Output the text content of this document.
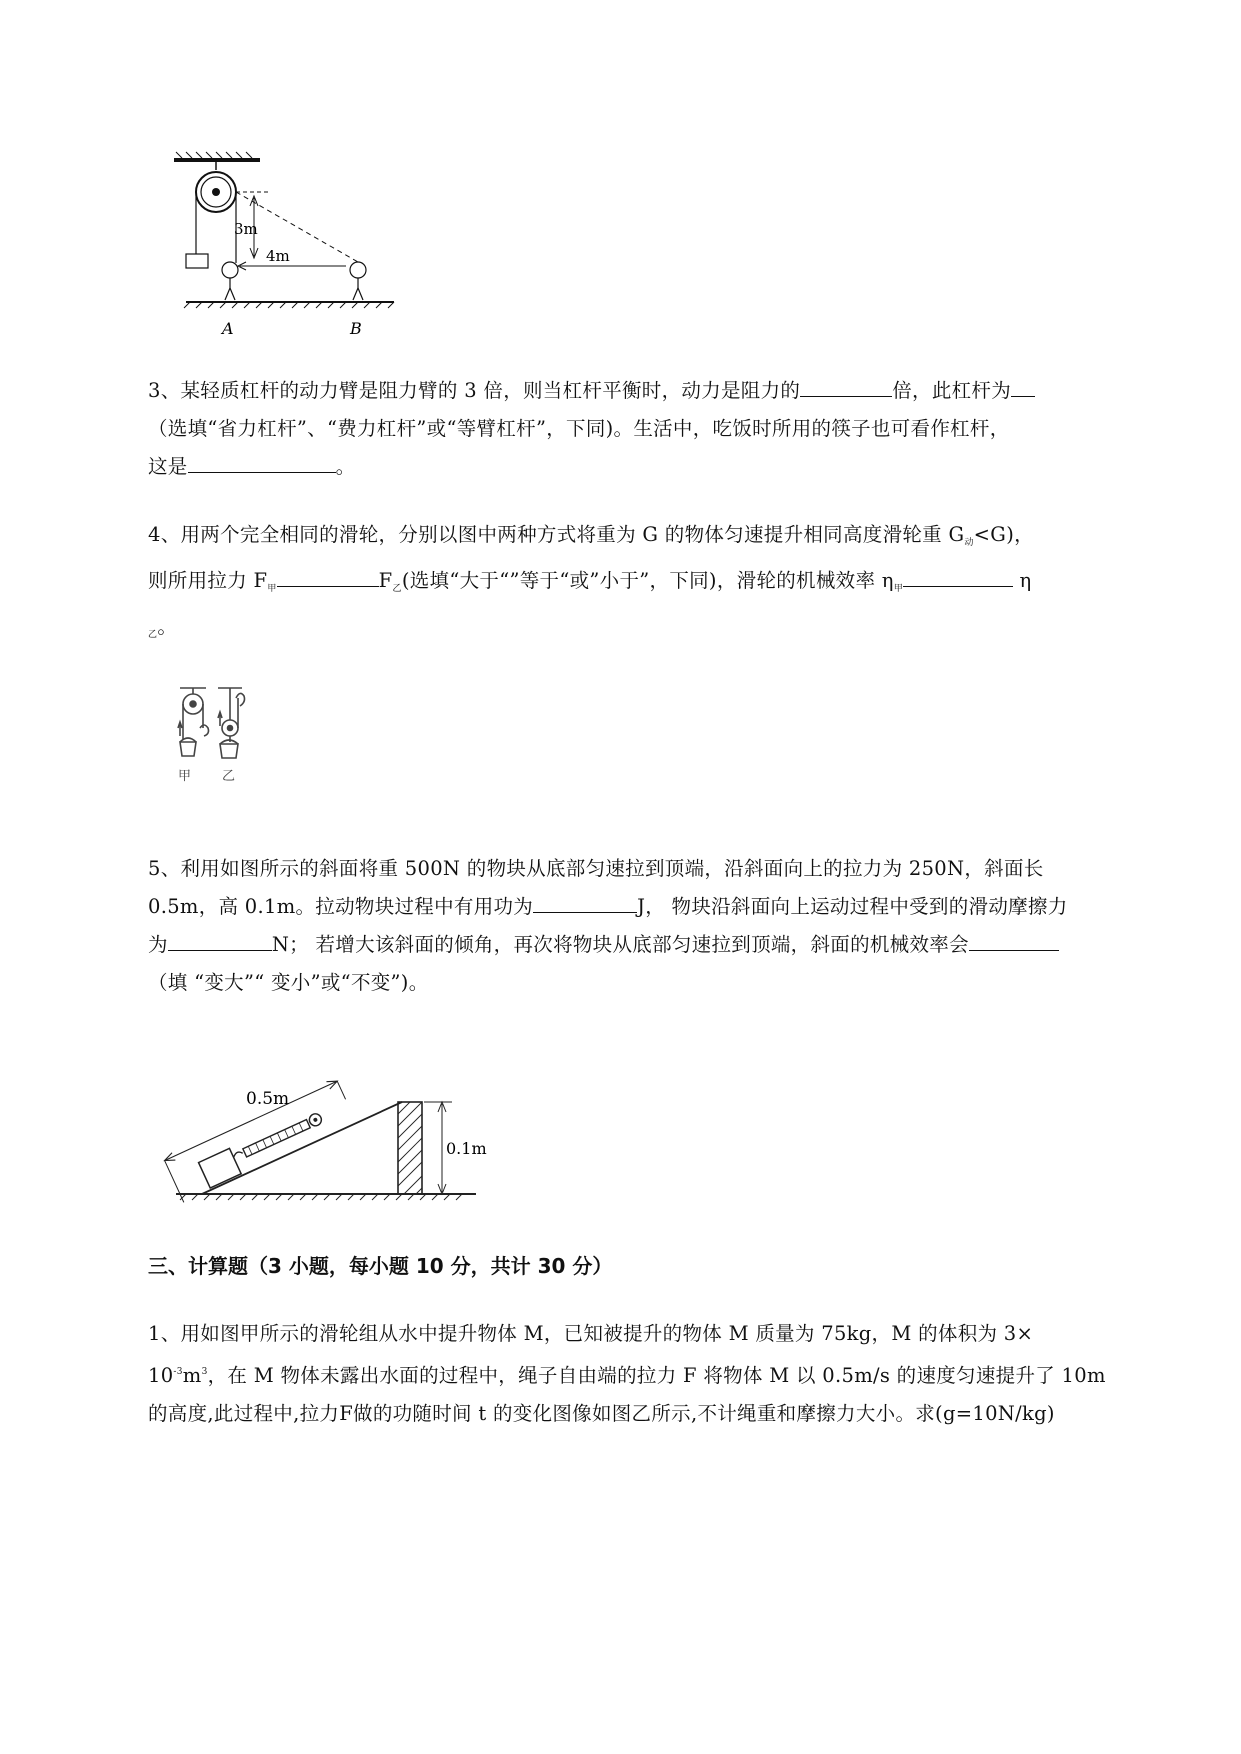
3m
4m
A	B
3、某轻质杠杆的动力臂是阻力臂的 3 倍，则当杠杆平衡时，动力是阻力的	倍，此杠杆为
（选填“省力杠杆”、“费力杠杆”或“等臂杠杆”，下同)。生活中，吃饭时所用的筷子也可看作杠杆，
这是	。
4、用两个完全相同的滑轮，分别以图中两种方式将重为 G 的物体匀速提升相同高度滑轮重 $G_动<G$)，
则所用拉力 $F_甲$	$F_乙$(选填“大于“”等于“或”小于”，下同)，滑轮的机械效率 $\eta_甲$	η
$_乙$。
甲 乙
5、利用如图所示的斜面将重 500N 的物块从底部匀速拉到顶端，沿斜面向上的拉力为 250N，斜面长
0.5m，高 0.1m。拉动物块过程中有用功为	J， 物块沿斜面向上运动过程中受到的滑动摩擦力
为	N； 若增大该斜面的倾角，再次将物块从底部匀速拉到顶端，斜面的机械效率会
（填 “变大”“ 变小”或“不变”)。
0.1m
0.5m
三、计算题（3 小题，每小题 10 分，共计 30 分）
1、用如图甲所示的滑轮组从水中提升物体 M，已知被提升的物体 M 质量为 75kg，M 的体积为 3×
$10^{-3}m^3$，在 M 物体未露出水面的过程中，绳子自由端的拉力 F 将物体 M 以 0.5m/s 的速度匀速提升了 10m
的高度,此过程中,拉力F做的功随时间 t 的变化图像如图乙所示,不计绳重和摩擦力大小。求(g=10N/kg)
